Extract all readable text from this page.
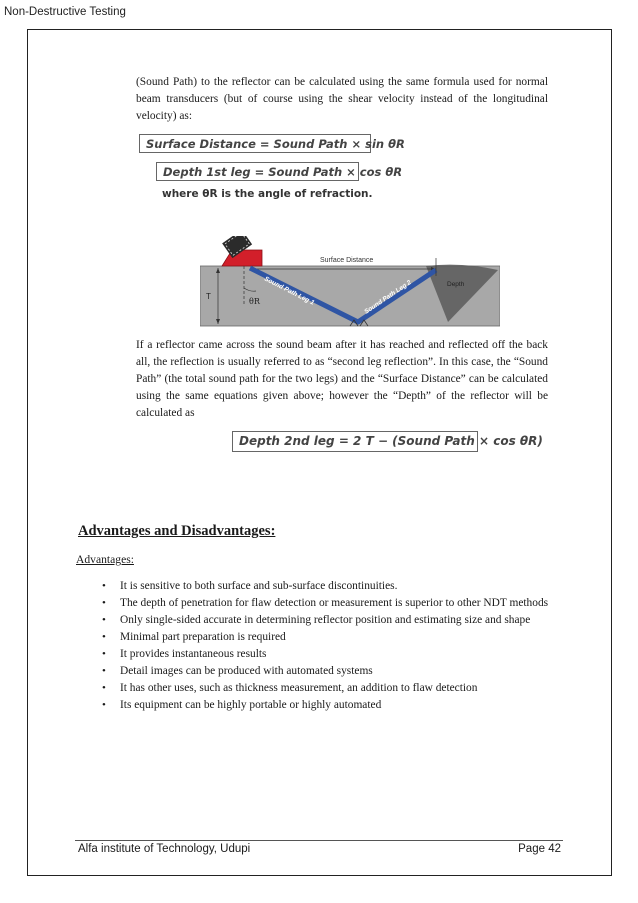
Non-Destructive Testing

(Sound Path) to the reflector can be calculated using the same formula used for normal beam transducers (but of course using the shear velocity instead of the longitudinal velocity) as:

Surface Distance = Sound Path × sin θR
Depth 1st leg = Sound Path × cos θR
where θR is the angle of refraction.
Surface Distance
Sound Path Leg 1	Sound Path Leg 2
θR
T
Depth

If a reflector came across the sound beam after it has reached and reflected off the back all, the reflection is usually referred to as “second leg reflection”. In this case, the “Sound Path” (the total sound path for the two legs) and the “Surface Distance” can be calculated using the same equations given above; however the “Depth” of the reflector will be calculated as

Depth 2nd leg = 2 T − (Sound Path × cos θR)
Advantages and Disadvantages:
Advantages:
• It is sensitive to both surface and sub-surface discontinuities.
• The depth of penetration for flaw detection or measurement is superior to other NDT methods
• Only single-sided accurate in determining reflector position and estimating size and shape
• Minimal part preparation is required
• It provides instantaneous results
• Detail images can be produced with automated systems
• It has other uses, such as thickness measurement, an addition to flaw detection
• Its equipment can be highly portable or highly automated
Alfa institute of Technology, Udupi	Page 42
